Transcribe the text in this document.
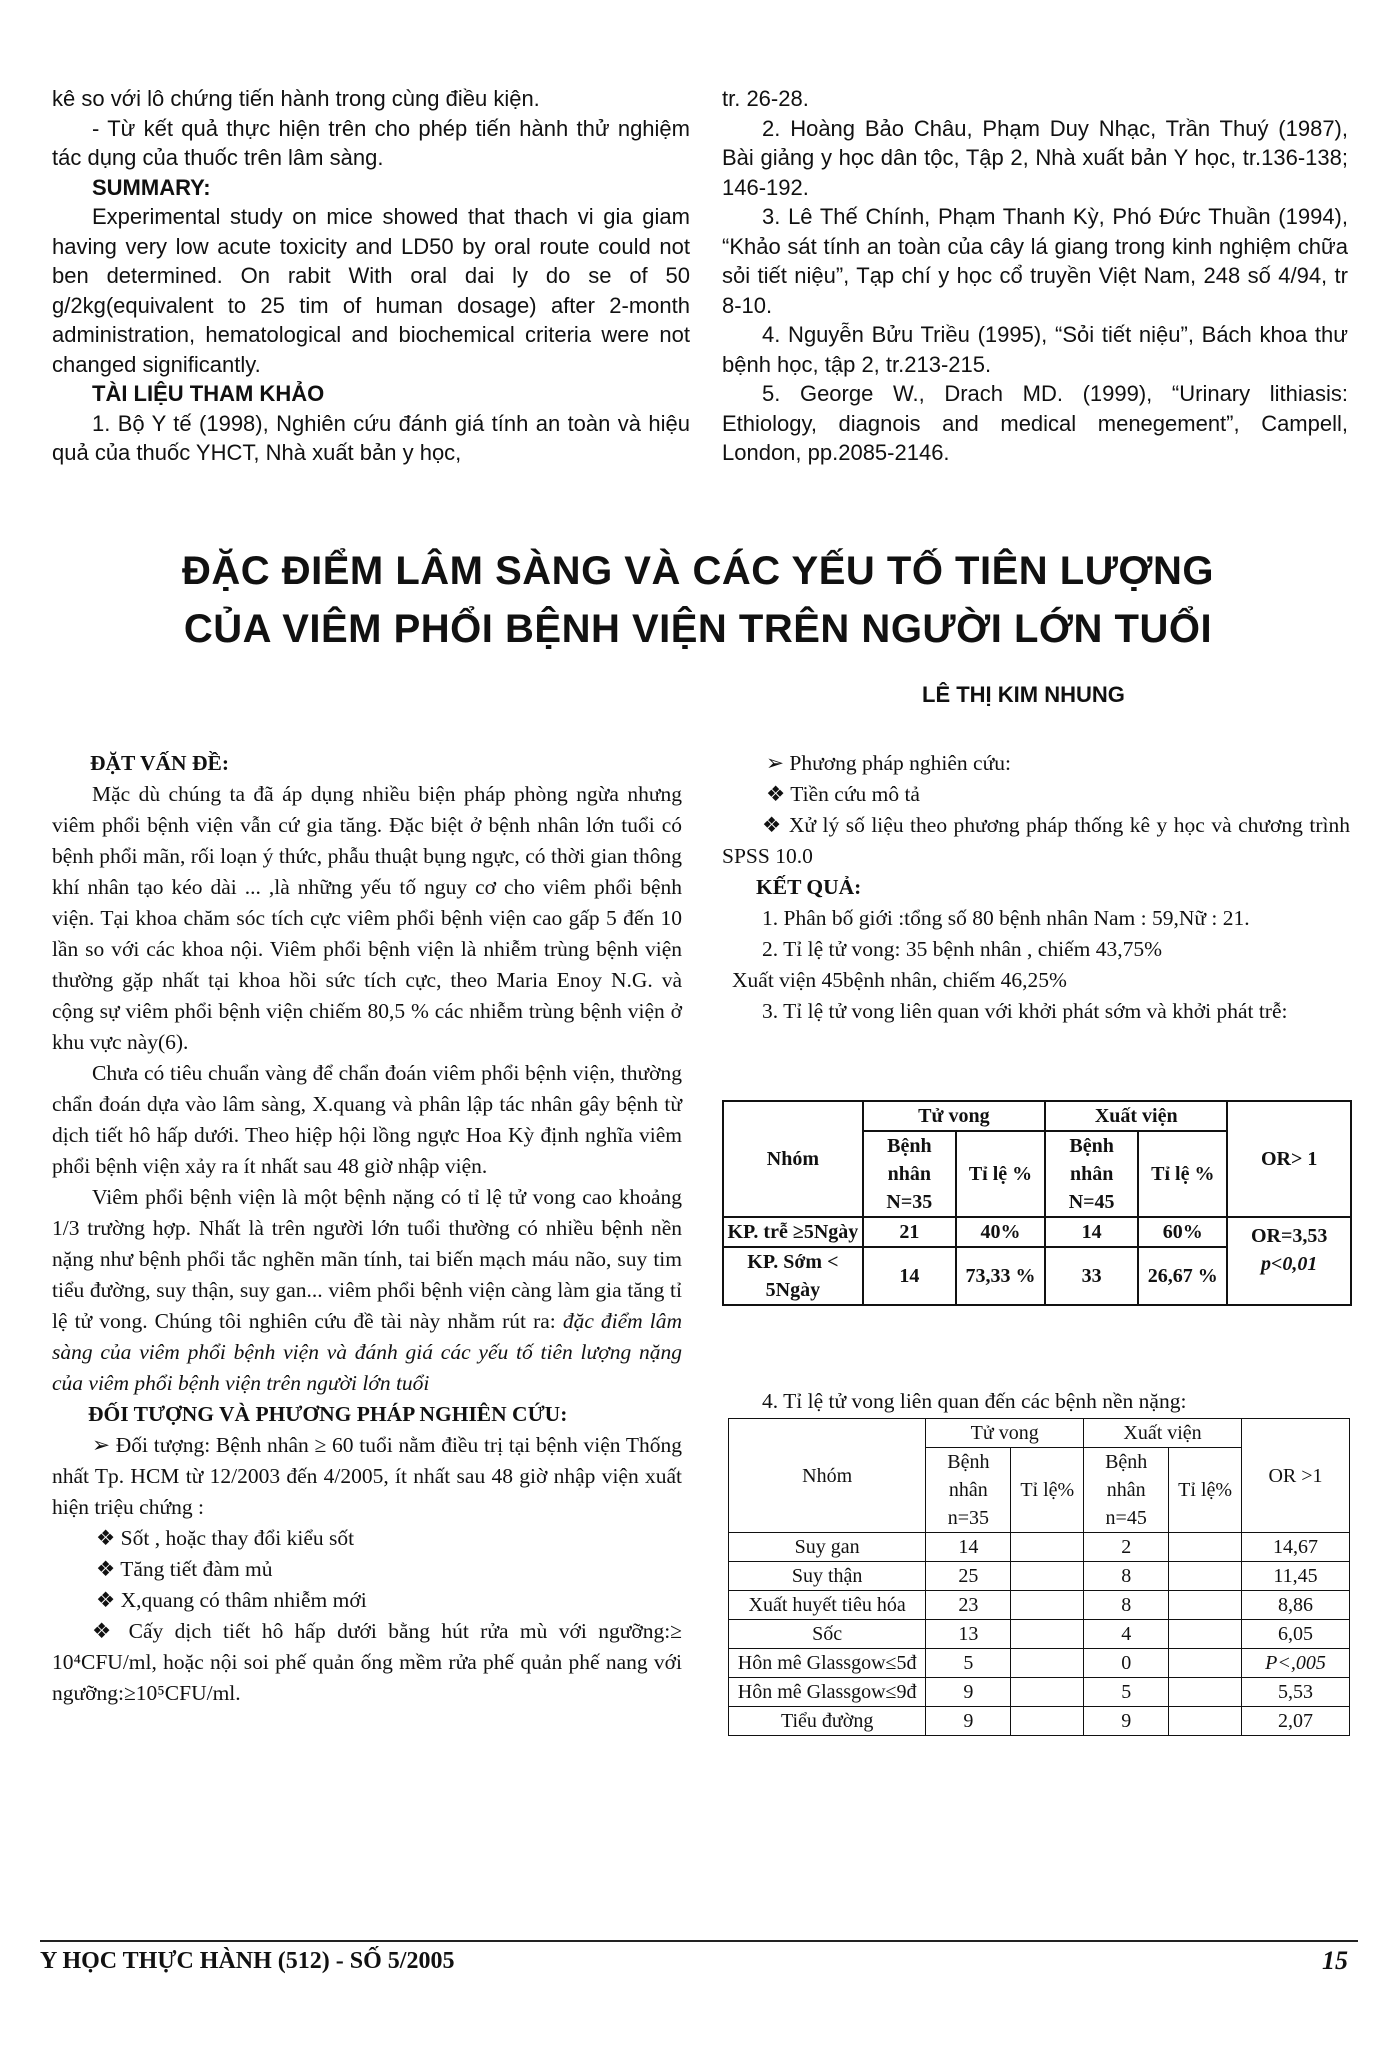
kê so với lô chứng tiến hành trong cùng điều kiện.

- Từ kết quả thực hiện trên cho phép tiến hành thử nghiệm tác dụng của thuốc trên lâm sàng.

SUMMARY:

Experimental study on mice showed that thach vi gia giam having very low acute toxicity and LD50 by oral route could not ben determined. On rabit With oral dai ly do se of 50 g/2kg(equivalent to 25 tim of human dosage) after 2-month administration, hematological and biochemical criteria were not changed significantly.

TÀI LIỆU THAM KHẢO

1. Bộ Y tế (1998), Nghiên cứu đánh giá tính an toàn và hiệu quả của thuốc YHCT, Nhà xuất bản y học,

tr. 26-28.

2. Hoàng Bảo Châu, Phạm Duy Nhạc, Trần Thuý (1987), Bài giảng y học dân tộc, Tập 2, Nhà xuất bản Y học, tr.136-138; 146-192.

3. Lê Thế Chính, Phạm Thanh Kỳ, Phó Đức Thuần (1994), “Khảo sát tính an toàn của cây lá giang trong kinh nghiệm chữa sỏi tiết niệu”, Tạp chí y học cổ truyền Việt Nam, 248 số 4/94, tr 8-10.

4. Nguyễn Bửu Triều (1995), “Sỏi tiết niệu”, Bách khoa thư bệnh học, tập 2, tr.213-215.

5. George W., Drach MD. (1999), “Urinary lithiasis: Ethiology, diagnois and medical menegement”, Campell, London, pp.2085-2146.

ĐẶC ĐIỂM LÂM SÀNG VÀ CÁC YẾU TỐ TIÊN LƯỢNG
CỦA VIÊM PHỔI BỆNH VIỆN TRÊN NGƯỜI LỚN TUỔI
LÊ THỊ KIM NHUNG

ĐẶT VẤN ĐỀ:

Mặc dù chúng ta đã áp dụng nhiều biện pháp phòng ngừa nhưng viêm phổi bệnh viện vẫn cứ gia tăng. Đặc biệt ở bệnh nhân lớn tuổi có bệnh phổi mãn, rối loạn ý thức, phẫu thuật bụng ngực, có thời gian thông khí nhân tạo kéo dài ... ,là những yếu tố nguy cơ cho viêm phổi bệnh viện. Tại khoa chăm sóc tích cực viêm phổi bệnh viện cao gấp 5 đến 10 lần so với các khoa nội. Viêm phổi bệnh viện là nhiễm trùng bệnh viện thường gặp nhất tại khoa hồi sức tích cực, theo Maria Enoy N.G. và cộng sự viêm phổi bệnh viện chiếm 80,5 % các nhiễm trùng bệnh viện ở khu vực này(6).

Chưa có tiêu chuẩn vàng để chẩn đoán viêm phổi bệnh viện, thường chẩn đoán dựa vào lâm sàng, X.quang và phân lập tác nhân gây bệnh từ dịch tiết hô hấp dưới. Theo hiệp hội lồng ngực Hoa Kỳ định nghĩa viêm phổi bệnh viện xảy ra ít nhất sau 48 giờ nhập viện.

Viêm phổi bệnh viện là một bệnh nặng có tỉ lệ tử vong cao khoảng 1/3 trường hợp. Nhất là trên người lớn tuổi thường có nhiều bệnh nền nặng như bệnh phổi tắc nghẽn mãn tính, tai biến mạch máu não, suy tim tiểu đường, suy thận, suy gan... viêm phổi bệnh viện càng làm gia tăng tỉ lệ tử vong. Chúng tôi nghiên cứu đề tài này nhằm rút ra: đặc điểm lâm sàng của viêm phổi bệnh viện và đánh giá các yếu tố tiên lượng nặng của viêm phổi bệnh viện trên người lớn tuổi

ĐỐI TƯỢNG VÀ PHƯƠNG PHÁP NGHIÊN CỨU:

➢ Đối tượng: Bệnh nhân ≥ 60 tuổi nằm điều trị tại bệnh viện Thống nhất Tp. HCM từ 12/2003 đến 4/2005, ít nhất sau 48 giờ nhập viện xuất hiện triệu chứng :

❖ Sốt , hoặc thay đổi kiểu sốt

❖ Tăng tiết đàm mủ

❖ X,quang có thâm nhiễm mới

❖ Cấy dịch tiết hô hấp dưới bằng hút rửa mù với ngưỡng:≥ 10⁴CFU/ml, hoặc nội soi phế quản ống mềm rửa phế quản phế nang với ngưỡng:≥10⁵CFU/ml.

➢ Phương pháp nghiên cứu:

❖ Tiền cứu mô tả

❖ Xử lý số liệu theo phương pháp thống kê y học và chương trình SPSS 10.0

KẾT QUẢ:

1. Phân bố giới :tổng số 80 bệnh nhân Nam : 59,Nữ : 21.

2. Tỉ lệ tử vong: 35 bệnh nhân , chiếm 43,75%

Xuất viện 45bệnh nhân, chiếm 46,25%

3. Tỉ lệ tử vong liên quan với khởi phát sớm và khởi phát trễ:

Nhóm	Tử vong		Xuất viện		OR> 1
	Bệnh nhân N=35	Tỉ lệ %	Bệnh nhân N=45	Tỉ lệ %	
KP. trễ ≥5Ngày	21	40%	14	60%	OR=3,53
p<0,01

KP. Sớm < 5Ngày	14	73,33 %	33	26,67 %	

4. Tỉ lệ tử vong liên quan đến các bệnh nền nặng:

Nhóm	Tử vong		Xuất viện		OR >1
	Bệnh nhân n=35	Tỉ lệ%	Bệnh nhân n=45	Tỉ lệ%	
Suy gan	14		2		14,67
Suy thận	25		8		11,45
Xuất huyết tiêu hóa	23		8		8,86
Sốc	13		4		6,05
Hôn mê Glassgow≤5đ	5		0		P<,005
Hôn mê Glassgow≤9đ	9		5		5,53
Tiểu đường	9		9		2,07
Y HỌC THỰC HÀNH (512) - SỐ 5/2005	15
